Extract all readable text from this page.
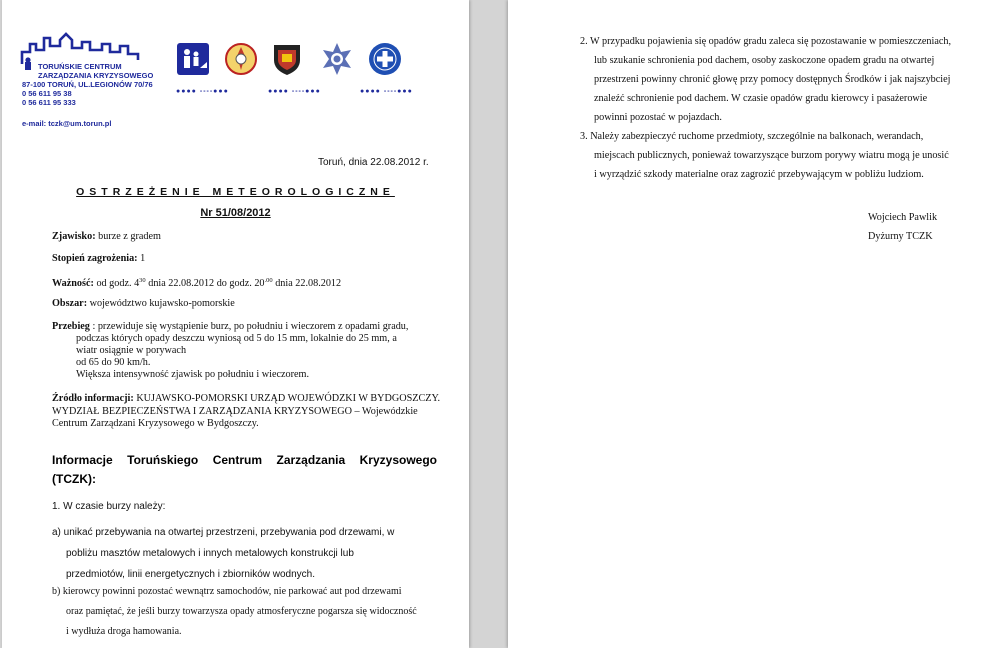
TORUŃSKIE CENTRUM
ZARZĄDZANIA KRYZYSOWEGO
87-100 TORUŃ, UL.LEGIONÓW 70/76
0 56 611 95 38
0 56 611 95 333
e-mail: tczk@um.torun.pl
●●●● ----●●●	●●●● ----●●●	●●●● ----●●●
Toruń, dnia 22.08.2012 r.
OSTRZEŻENIE METEOROLOGICZNE
Nr 51/08/2012
Zjawisko: burze z gradem
Stopień zagrożenia: 1
Ważność: od godz. $4^{30}$ dnia 22.08.2012 do godz. $20^{.00}$ dnia 22.08.2012
Obszar: województwo kujawsko-pomorskie
Przebieg : przewiduje się wystąpienie burz, po południu i wieczorem z opadami gradu,
podczas których opady deszczu wyniosą od 5 do 15 mm, lokalnie do 25 mm, a
wiatr osiągnie w porywach
od 65 do 90 km/h.
Większa intensywność zjawisk po południu i wieczorem.
Źródło informacji: KUJAWSKO-POMORSKI URZĄD WOJEWÓDZKI W BYDGOSZCZY.
WYDZIAŁ BEZPIECZEŃSTWA I ZARZĄDZANIA KRYZYSOWEGO – Wojewódzkie
Centrum Zarządzani Kryzysowego w Bydgoszczy.
Informacje Toruńskiego Centrum Zarządzania Kryzysowego
(TCZK):
1. W czasie burzy należy:
a) unikać przebywania na otwartej przestrzeni, przebywania pod drzewami, w
pobliżu masztów metalowych i innych metalowych konstrukcji lub
przedmiotów, linii energetycznych i zbiorników wodnych.
b) kierowcy powinni pozostać wewnątrz samochodów, nie parkować aut pod drzewami
oraz pamiętać, że jeśli burzy towarzysza opady atmosferyczne pogarsza się widoczność
i wydłuża droga hamowania.
2. W przypadku pojawienia się opadów gradu zaleca się pozostawanie w pomieszczeniach,
lub szukanie schronienia pod dachem, osoby zaskoczone opadem gradu na otwartej
przestrzeni powinny chronić głowę przy pomocy dostępnych Środków i jak najszybciej
znaleźć schronienie pod dachem. W czasie opadów gradu kierowcy i pasażerowie
powinni pozostać w pojazdach.
3. Należy zabezpieczyć ruchome przedmioty, szczególnie na balkonach, werandach,
miejscach publicznych, ponieważ towarzyszące burzom porywy wiatru mogą je unosić
i wyrządzić szkody materialne oraz zagrozić przebywającym w pobliżu ludziom.
Wojciech Pawlik
Dyżurny TCZK
